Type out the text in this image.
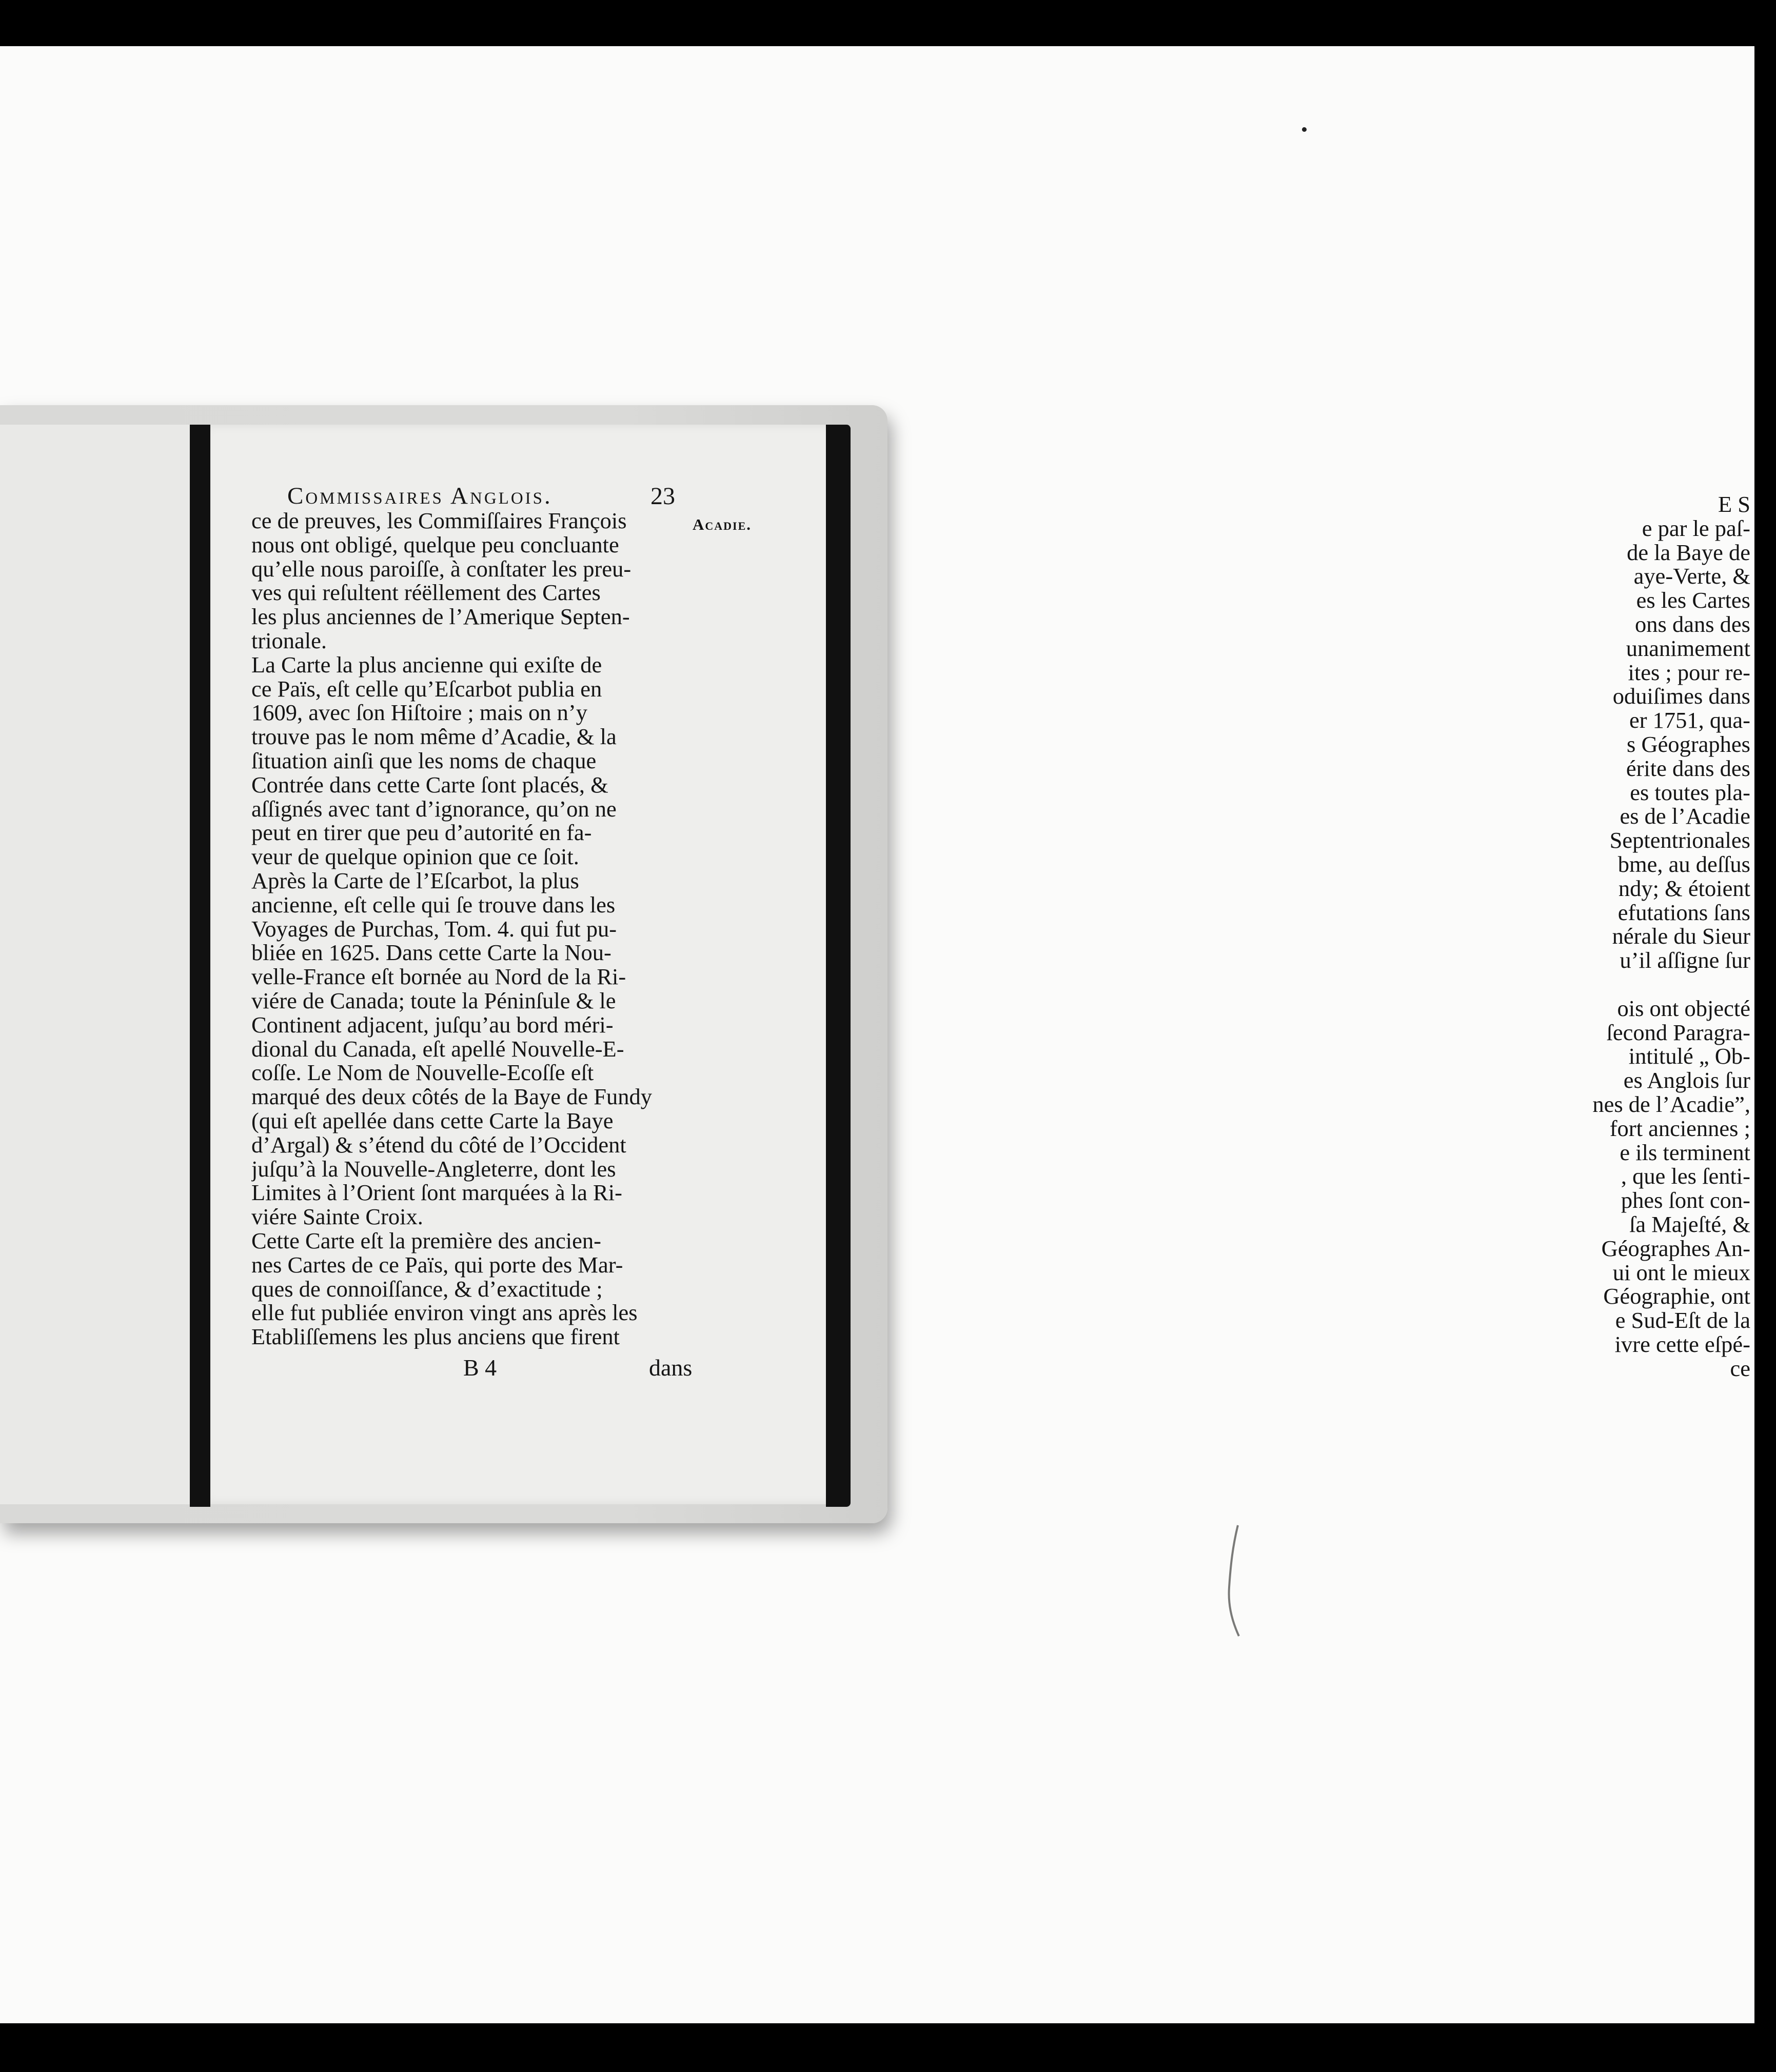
E S
e par le paſ-
de la Baye de
aye-Verte, &
es les Cartes
ons dans des
unanimement
ites ; pour re-
oduiſimes dans
er 1751, qua-
s Géographes
érite dans des
es toutes pla-
es de l’Acadie
Septentrionales
bme, au deſſus
ndy; & étoient
efutations ſans
nérale du Sieur
u’il aſſigne ſur
ois ont objecté
ſecond Paragra-
intitulé „ Ob-
es Anglois ſur
nes de l’Acadie”,
fort anciennes ;
e ils terminent
, que les ſenti-
phes ſont con-
ſa Majeſté, &
Géographes An-
ui ont le mieux
Géographie, ont
e Sud-Eſt de la
ivre cette eſpé-
ce
Commissaires Anglois.	23
Acadie.
ce de preuves, les Commiſſaires François
nous ont obligé, quelque peu concluante
qu’elle nous paroiſſe, à conſtater les preu-
ves qui reſultent réëllement des Cartes
les plus anciennes de l’Amerique Septen-
trionale.
La Carte la plus ancienne qui exiſte de
ce Païs, eſt celle qu’Eſcarbot publia en
1609, avec ſon Hiſtoire ; mais on n’y
trouve pas le nom même d’Acadie, & la
ſituation ainſi que les noms de chaque
Contrée dans cette Carte ſont placés, &
aſſignés avec tant d’ignorance, qu’on ne
peut en tirer que peu d’autorité en fa-
veur de quelque opinion que ce ſoit.
Après la Carte de l’Eſcarbot, la plus
ancienne, eſt celle qui ſe trouve dans les
Voyages de Purchas, Tom. 4. qui fut pu-
bliée en 1625. Dans cette Carte la Nou-
velle-France eſt bornée au Nord de la Ri-
viére de Canada; toute la Péninſule & le
Continent adjacent, juſqu’au bord méri-
dional du Canada, eſt apellé Nouvelle-E-
coſſe. Le Nom de Nouvelle-Ecoſſe eſt
marqué des deux côtés de la Baye de Fundy
(qui eſt apellée dans cette Carte la Baye
d’Argal) & s’étend du côté de l’Occident
juſqu’à la Nouvelle-Angleterre, dont les
Limites à l’Orient ſont marquées à la Ri-
viére Sainte Croix.
Cette Carte eſt la première des ancien-
nes Cartes de ce Païs, qui porte des Mar-
ques de connoiſſance, & d’exactitude ;
elle fut publiée environ vingt ans après les
Etabliſſemens les plus anciens que firent
B 4	dans
